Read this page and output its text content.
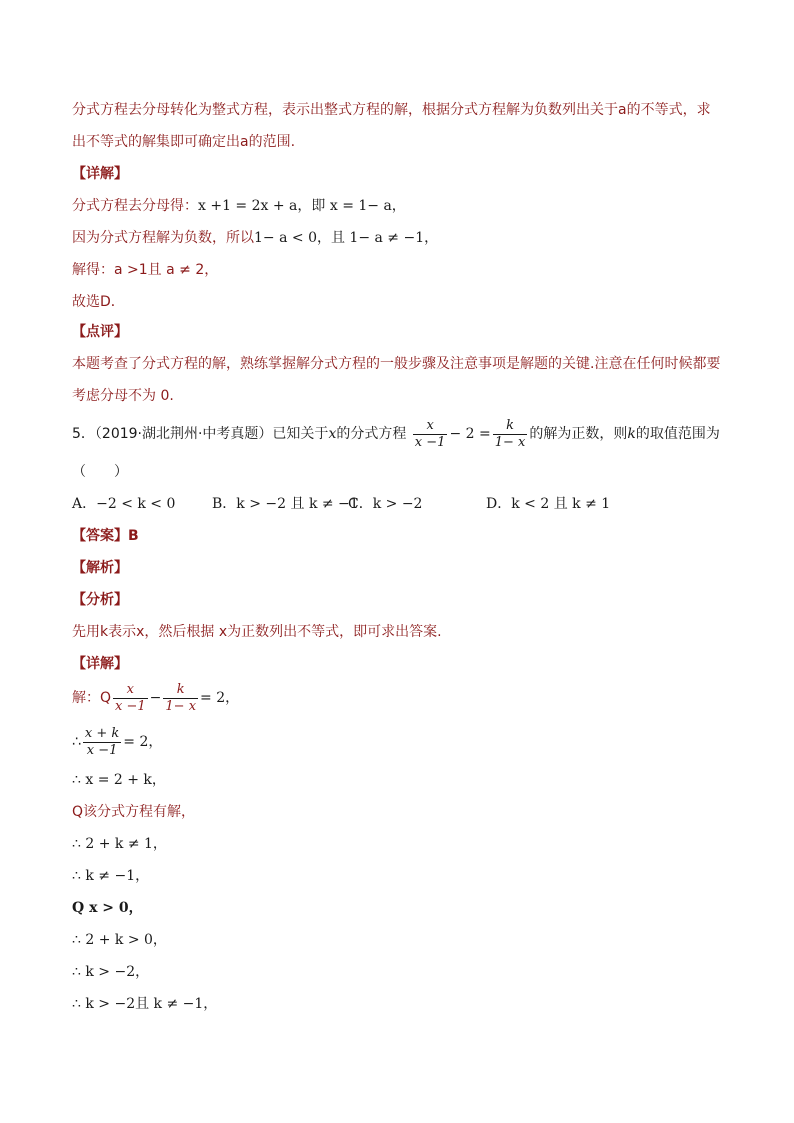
分式方程去分母转化为整式方程，表示出整式方程的解，根据分式方程解为负数列出关于a的不等式，求
出不等式的解集即可确定出a的范围.
【详解】
分式方程去分母得：x +1 = 2x + a，即 x = 1− a，
因为分式方程解为负数，所以1− a < 0，且 1− a ≠ −1，
解得：a >1且 a ≠ 2，
故选D．
【点评】
本题考查了分式方程的解，熟练掌握解分式方程的一般步骤及注意事项是解题的关键.注意在任何时候都要
考虑分母不为 0.
5．（2019·湖北荆州·中考真题）已知关于x的分式方程 $\frac{x}{x -1} - 2 = \frac{k}{1- x}$ 的解为正数，则k的取值范围为
（　　）
A．−2 < k < 0	B．k > −2 且 k ≠ −1C．k > −2	D．k < 2 且 k ≠ 1
【答案】B
【解析】
【分析】
先用k表示x，然后根据 x为正数列出不等式，即可求出答案.
【详解】
解：Q $\frac{x}{x -1} - \frac{k}{1- x} = 2$，
∴ $\frac{x + k}{x -1} = 2$，
∴ x = 2 + k，
Q该分式方程有解，
∴ 2 + k ≠ 1，
∴ k ≠ −1，
Q x > 0，
∴ 2 + k > 0，
∴ k > −2，
∴ k > −2且 k ≠ −1，
